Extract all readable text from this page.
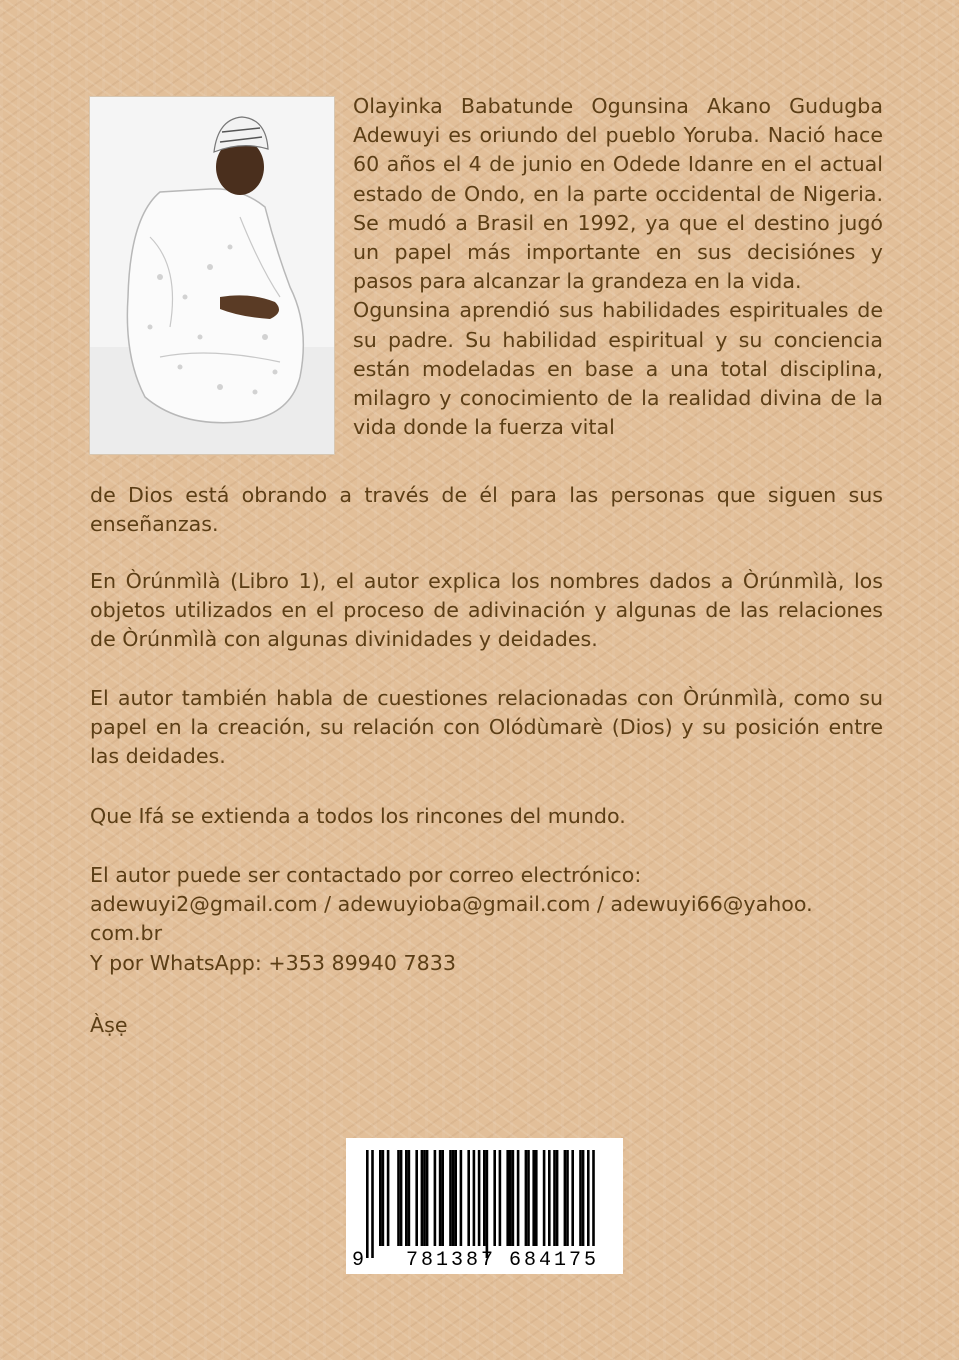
Olayinka Babatunde Ogunsina Akano Gudugba Adewuyi es oriundo del pueblo Yoruba. Nació hace 60 años el 4 de junio en Odede Idanre en el actual estado de Ondo, en la parte occidental de Nigeria. Se mudó a Brasil en 1992, ya que el destino jugó un papel más importante en sus decisiónes y pasos para alcanzar la grandeza en la vida.
Ogunsina aprendió sus habilidades espirituales de su padre. Su habilidad espiritual y su conciencia están modeladas en base a una total disciplina, milagro y conocimiento de la realidad divina de la vida donde la fuerza vital

de Dios está obrando a través de él para las personas que siguen sus enseñanzas.

En Òrúnmìlà (Libro 1), el autor explica los nombres dados a Òrúnmìlà, los objetos utilizados en el proceso de adivinación y algunas de las relaciones de Òrúnmìlà con algunas divinidades y deidades.

El autor también habla de cuestiones relacionadas con Òrúnmìlà, como su papel en la creación, su relación con Olódùmarè (Dios) y su posición entre las deidades.

Que Ifá se extienda a todos los rincones del mundo.

El autor puede ser contactado por correo electrónico:
adewuyi2@gmail.com / adewuyioba@gmail.com / adewuyi66@yahoo.
com.br
Y por WhatsApp: +353 89940 7833

Àṣẹ

9 781387 684175
